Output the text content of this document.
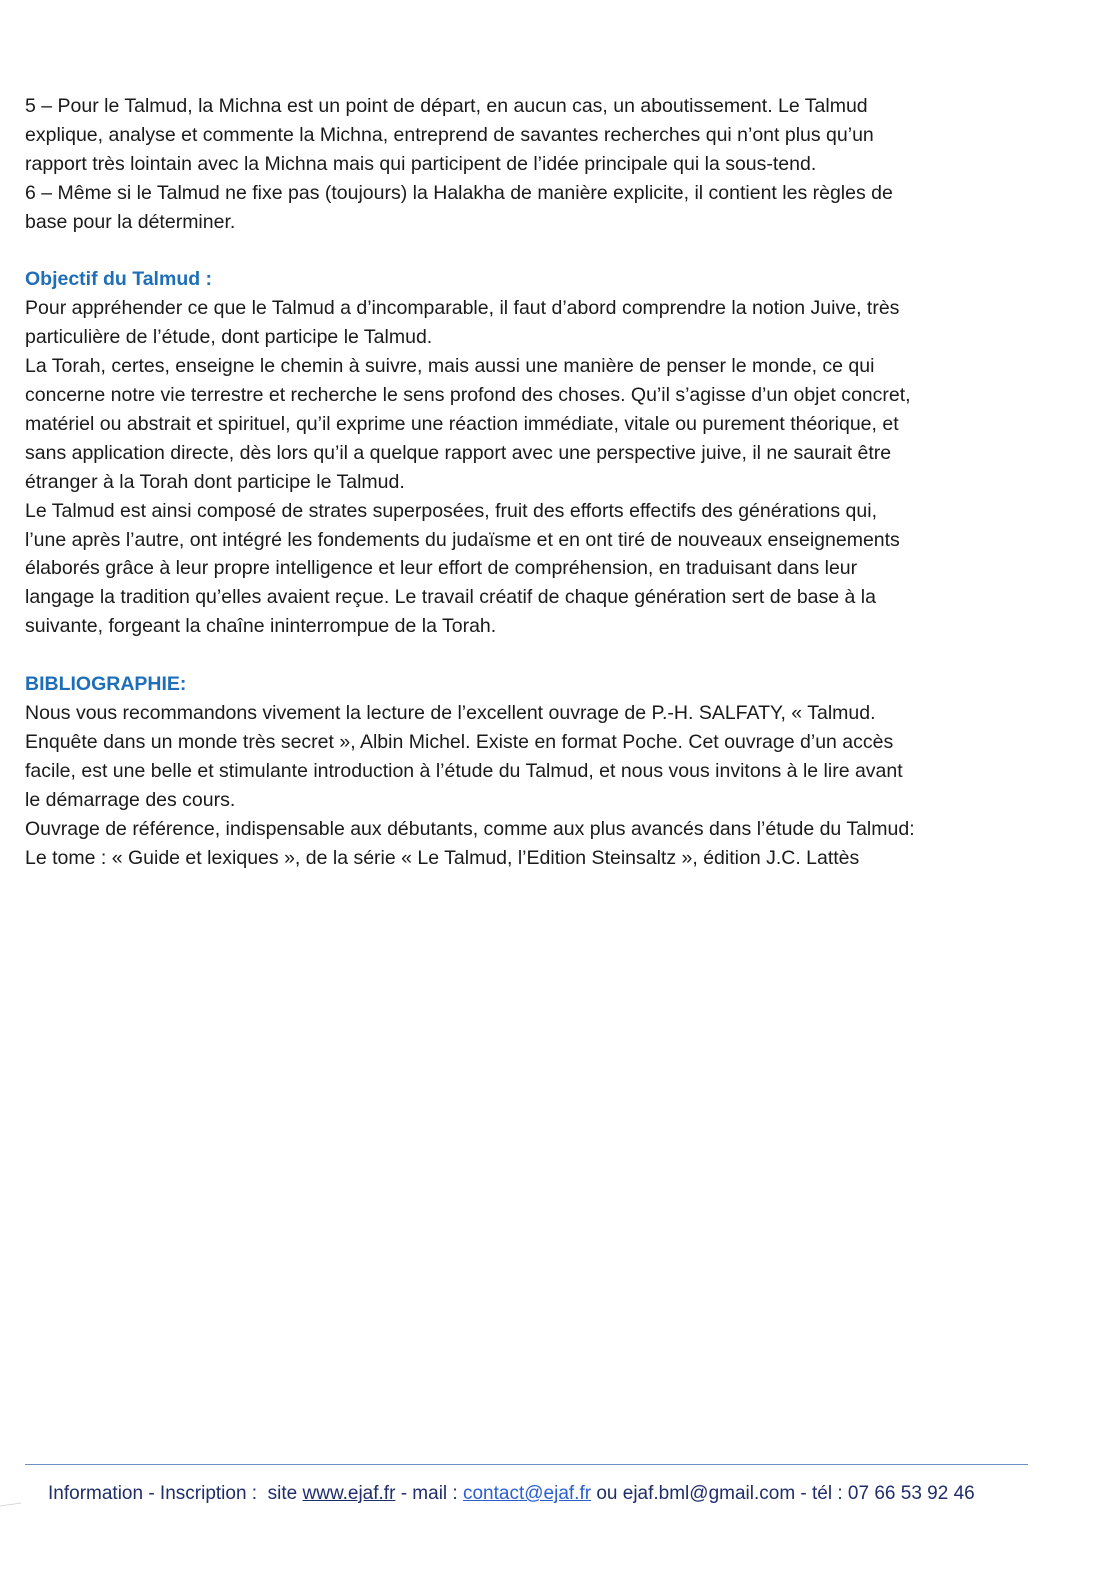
5 – Pour le Talmud, la Michna est un point de départ, en aucun cas, un aboutissement. Le Talmud
explique, analyse et commente la Michna, entreprend de savantes recherches qui n’ont plus qu’un
rapport très lointain avec la Michna mais qui participent de l’idée principale qui la sous-tend.
6 – Même si le Talmud ne fixe pas (toujours) la Halakha de manière explicite, il contient les règles de
base pour la déterminer.

Objectif du Talmud :

Pour appréhender ce que le Talmud a d’incomparable, il faut d’abord comprendre la notion Juive, très
particulière de l’étude, dont participe le Talmud.
La Torah, certes, enseigne le chemin à suivre, mais aussi une manière de penser le monde, ce qui
concerne notre vie terrestre et recherche le sens profond des choses. Qu’il s’agisse d’un objet concret,
matériel ou abstrait et spirituel, qu’il exprime une réaction immédiate, vitale ou purement théorique, et
sans application directe, dès lors qu’il a quelque rapport avec une perspective juive, il ne saurait être
étranger à la Torah dont participe le Talmud.
Le Talmud est ainsi composé de strates superposées, fruit des efforts effectifs des générations qui,
l’une après l’autre, ont intégré les fondements du judaïsme et en ont tiré de nouveaux enseignements
élaborés grâce à leur propre intelligence et leur effort de compréhension, en traduisant dans leur
langage la tradition qu’elles avaient reçue. Le travail créatif de chaque génération sert de base à la
suivante, forgeant la chaîne ininterrompue de la Torah.

BIBLIOGRAPHIE:

Nous vous recommandons vivement la lecture de l’excellent ouvrage de P.-H. SALFATY, « Talmud.
Enquête dans un monde très secret », Albin Michel. Existe en format Poche. Cet ouvrage d’un accès
facile, est une belle et stimulante introduction à l’étude du Talmud, et nous vous invitons à le lire avant
le démarrage des cours.
Ouvrage de référence, indispensable aux débutants, comme aux plus avancés dans l’étude du Talmud:
Le tome : « Guide et lexiques », de la série « Le Talmud, l’Edition Steinsaltz », édition J.C. Lattès

Information - Inscription :  site www.ejaf.fr - mail : contact@ejaf.fr ou ejaf.bml@gmail.com - tél : 07 66 53 92 46
